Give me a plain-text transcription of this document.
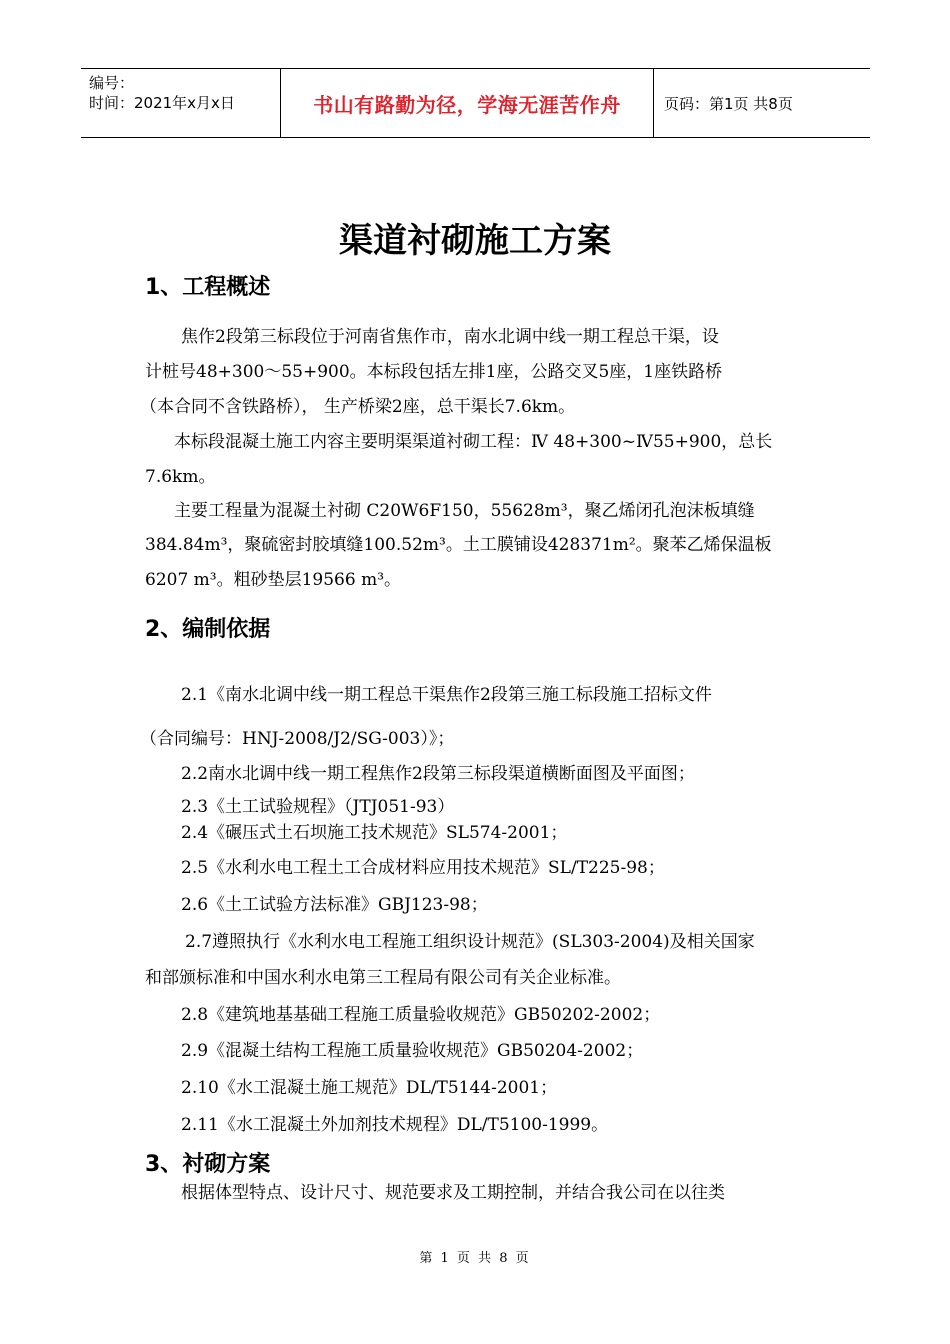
编号：
时间：2021年x月x日	书山有路勤为径，学海无涯苦作舟	页码：第1页 共8页
渠道衬砌施工方案
1、工程概述
焦作2段第三标段位于河南省焦作市，南水北调中线一期工程总干渠，设
计桩号48+300～55+900。本标段包括左排1座，公路交叉5座，1座铁路桥
（本合同不含铁路桥）， 生产桥梁2座，总干渠长7.6km。
本标段混凝土施工内容主要明渠渠道衬砌工程：Ⅳ 48+300~Ⅳ55+900，总长
7.6km。
主要工程量为混凝土衬砌 C20W6F150，55628m³，聚乙烯闭孔泡沫板填缝
384.84m³，聚硫密封胶填缝100.52m³。土工膜铺设428371m²。聚苯乙烯保温板
6207 m³。粗砂垫层19566 m³。
2、编制依据
2.1《南水北调中线一期工程总干渠焦作2段第三施工标段施工招标文件
（合同编号：HNJ-2008/J2/SG-003）》；
2.2南水北调中线一期工程焦作2段第三标段渠道横断面图及平面图；
2.3《土工试验规程》（JTJ051-93）
2.4《碾压式土石坝施工技术规范》SL574-2001；
2.5《水利水电工程土工合成材料应用技术规范》SL/T225-98；
2.6《土工试验方法标准》GBJ123-98；
2.7遵照执行《水利水电工程施工组织设计规范》(SL303-2004)及相关国家
和部颁标准和中国水利水电第三工程局有限公司有关企业标准。
2.8《建筑地基基础工程施工质量验收规范》GB50202-2002；
2.9《混凝土结构工程施工质量验收规范》GB50204-2002；
2.10《水工混凝土施工规范》DL/T5144-2001；
2.11《水工混凝土外加剂技术规程》DL/T5100-1999。
3、衬砌方案
根据体型特点、设计尺寸、规范要求及工期控制，并结合我公司在以往类
第 1 页 共 8 页
